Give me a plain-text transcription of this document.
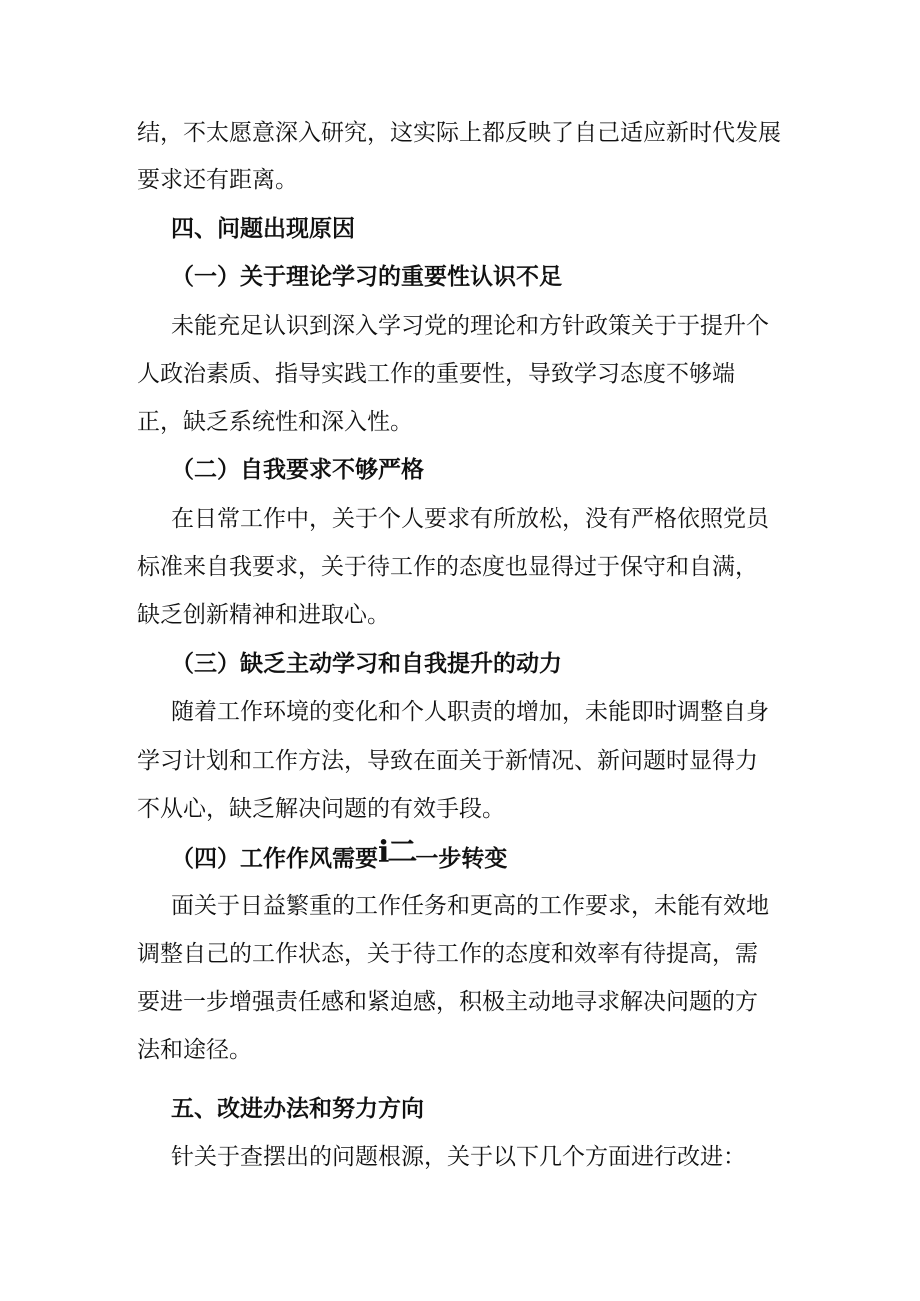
结，不太愿意深入研究，这实际上都反映了自己适应新时代发展
要求还有距离。
四、问题出现原因
（一）关于理论学习的重要性认识不足
未能充足认识到深入学习党的理论和方针政策关于于提升个
人政治素质、指导实践工作的重要性，导致学习态度不够端
正，缺乏系统性和深入性。
（二）自我要求不够严格
在日常工作中，关于个人要求有所放松，没有严格依照党员
标准来自我要求，关于待工作的态度也显得过于保守和自满，
缺乏创新精神和进取心。
（三）缺乏主动学习和自我提升的动力
随着工作环境的变化和个人职责的增加，未能即时调整自身
学习计划和工作方法，导致在面关于新情况、新问题时显得力
不从心，缺乏解决问题的有效手段。
（四）工作作风需要i二一步转变
面关于日益繁重的工作任务和更高的工作要求，未能有效地
调整自己的工作状态，关于待工作的态度和效率有待提高，需
要进一步增强责任感和紧迫感，积极主动地寻求解决问题的方
法和途径。
五、改进办法和努力方向
针关于查摆出的问题根源，关于以下几个方面进行改进：
